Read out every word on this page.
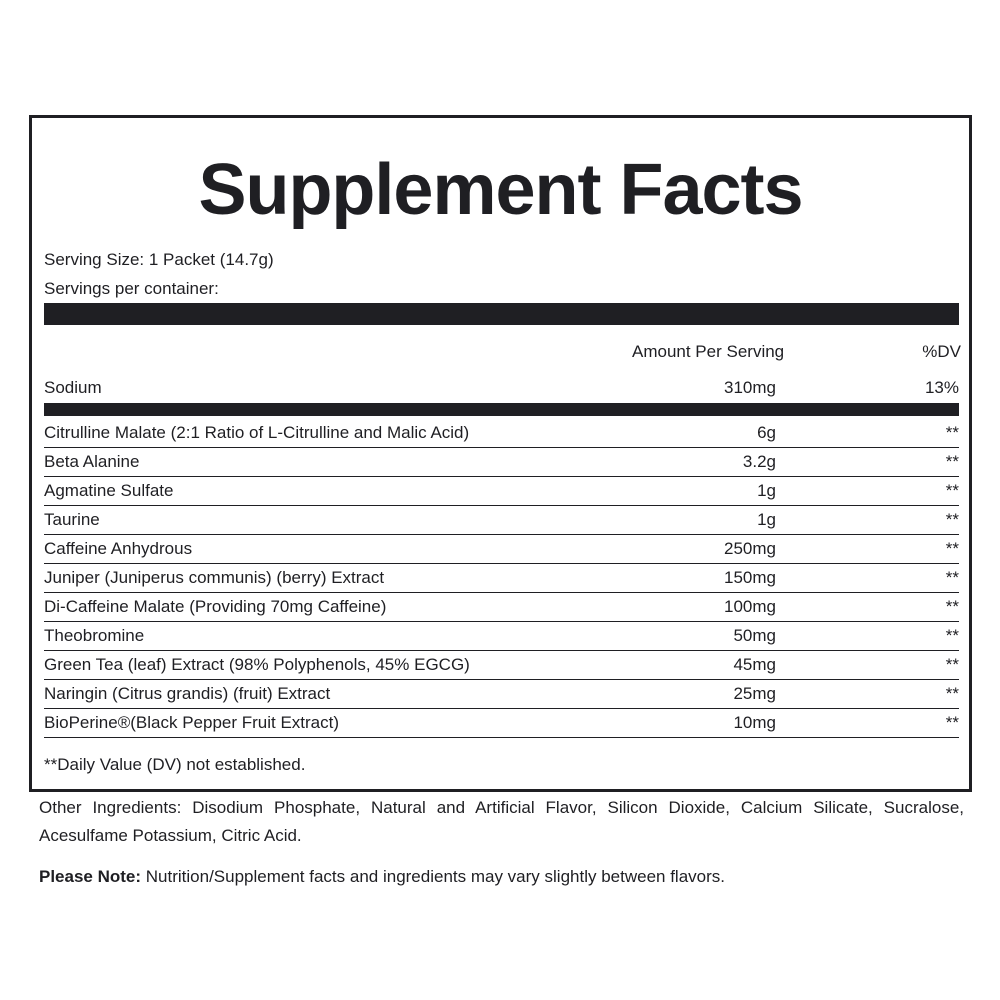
Supplement Facts
Serving Size: 1 Packet (14.7g)
Servings per container:
Amount Per Serving	%DV
Sodium	310mg	13%
Citrulline Malate (2:1 Ratio of L-Citrulline and Malic Acid)	6g	**
Beta Alanine	3.2g	**
Agmatine Sulfate	1g	**
Taurine	1g	**
Caffeine Anhydrous	250mg	**
Juniper (Juniperus communis) (berry) Extract	150mg	**
Di-Caffeine Malate (Providing 70mg Caffeine)	100mg	**
Theobromine	50mg	**
Green Tea (leaf) Extract (98% Polyphenols, 45% EGCG)	45mg	**
Naringin (Citrus grandis) (fruit) Extract	25mg	**
BioPerine®(Black Pepper Fruit Extract)	10mg	**
**Daily Value (DV) not established.
Other Ingredients: Disodium Phosphate, Natural and Artificial Flavor, Silicon Dioxide, Calcium Silicate, Sucralose, Acesulfame Potassium, Citric Acid.
Please Note: Nutrition/Supplement facts and ingredients may vary slightly between flavors.
